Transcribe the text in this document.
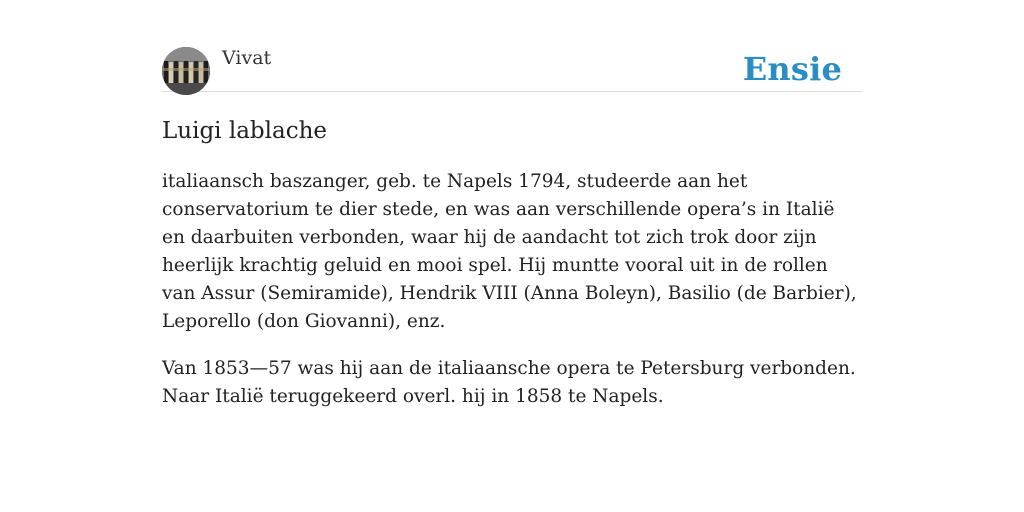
Vivat	Ensie
Luigi lablache

italiaansch baszanger, geb. te Napels 1794, studeerde aan het conservatorium te dier stede, en was aan verschillende opera’s in Italië en daarbuiten verbonden, waar hij de aandacht tot zich trok door zijn heerlijk krachtig geluid en mooi spel. Hij muntte vooral uit in de rollen van Assur (Semiramide), Hendrik VIII (Anna Boleyn), Basilio (de Barbier), Leporello (don Giovanni), enz.

Van 1853—57 was hij aan de italiaansche opera te Petersburg verbonden. Naar Italië teruggekeerd overl. hij in 1858 te Napels.
